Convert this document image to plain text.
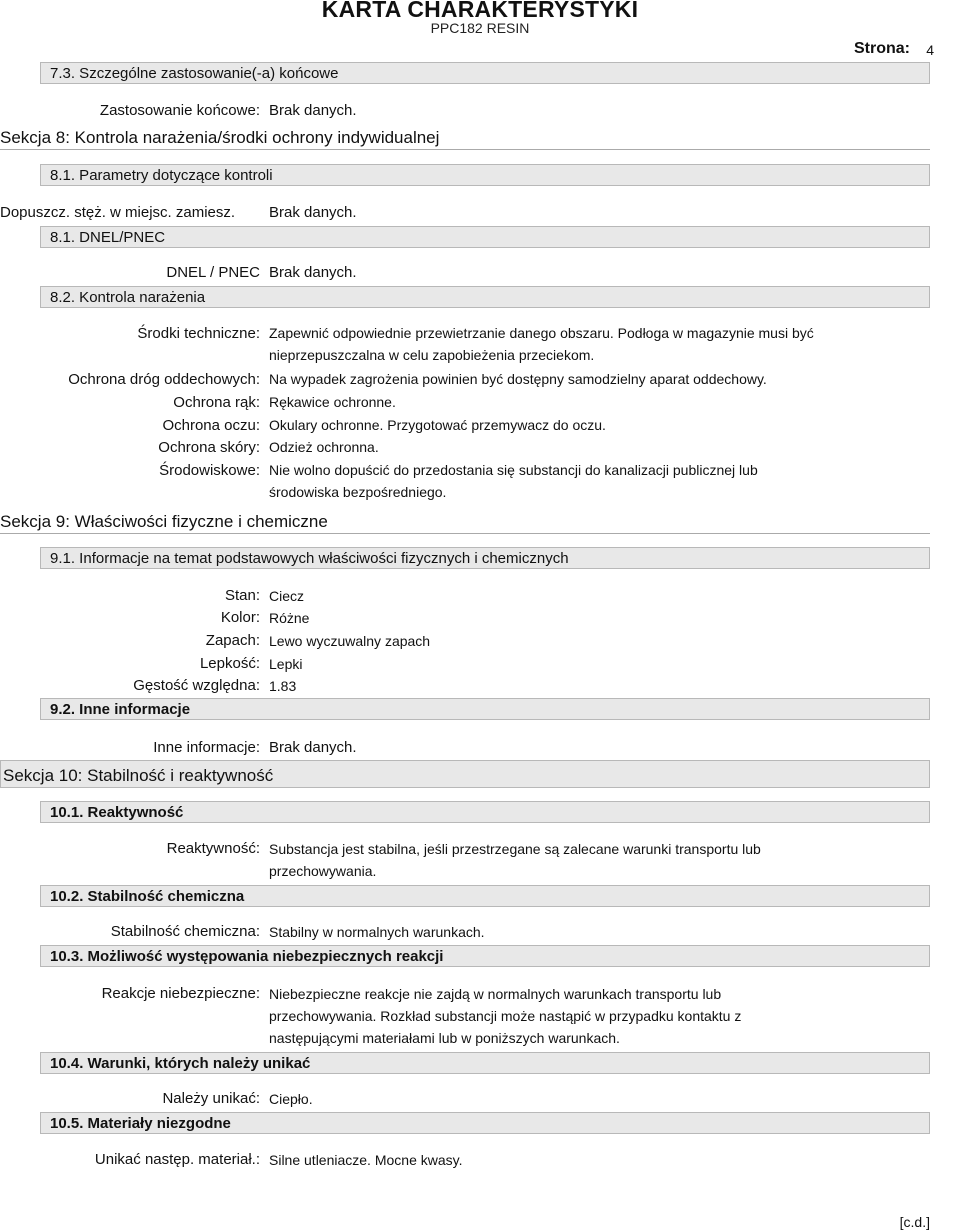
KARTA CHARAKTERYSTYKI
PPC182 RESIN
Strona: 4
7.3. Szczególne zastosowanie(-a) końcowe
Zastosowanie końcowe: Brak danych.
Sekcja 8: Kontrola narażenia/środki ochrony indywidualnej
8.1. Parametry dotyczące kontroli
Dopuszcz. stęż. w miejsc. zamiesz. Brak danych.
8.1. DNEL/PNEC
DNEL / PNEC Brak danych.
8.2. Kontrola narażenia
Środki techniczne: Zapewnić odpowiednie przewietrzanie danego obszaru. Podłoga w magazynie musi być nieprzepuszczalna w celu zapobieżenia przeciekom.
Ochrona dróg oddechowych: Na wypadek zagrożenia powinien być dostępny samodzielny aparat oddechowy.
Ochrona rąk: Rękawice ochronne.
Ochrona oczu: Okulary ochronne. Przygotować przemywacz do oczu.
Ochrona skóry: Odzież ochronna.
Środowiskowe: Nie wolno dopuścić do przedostania się substancji do kanalizacji publicznej lub środowiska bezpośredniego.
Sekcja 9: Właściwości fizyczne i chemiczne
9.1. Informacje na temat podstawowych właściwości fizycznych i chemicznych
Stan: Ciecz
Kolor: Różne
Zapach: Lewo wyczuwalny zapach
Lepkość: Lepki
Gęstość względna: 1.83
9.2. Inne informacje
Inne informacje: Brak danych.
Sekcja 10: Stabilność i reaktywność
10.1. Reaktywność
Reaktywność: Substancja jest stabilna, jeśli przestrzegane są zalecane warunki transportu lub przechowywania.
10.2. Stabilność chemiczna
Stabilność chemiczna: Stabilny w normalnych warunkach.
10.3. Możliwość występowania niebezpiecznych reakcji
Reakcje niebezpieczne: Niebezpieczne reakcje nie zajdą w normalnych warunkach transportu lub przechowywania. Rozkład substancji może nastąpić w przypadku kontaktu z następującymi materiałami lub w poniższych warunkach.
10.4. Warunki, których należy unikać
Należy unikać: Ciepło.
10.5. Materiały niezgodne
Unikać następ. materiał.: Silne utleniacze. Mocne kwasy.
[c.d.]
